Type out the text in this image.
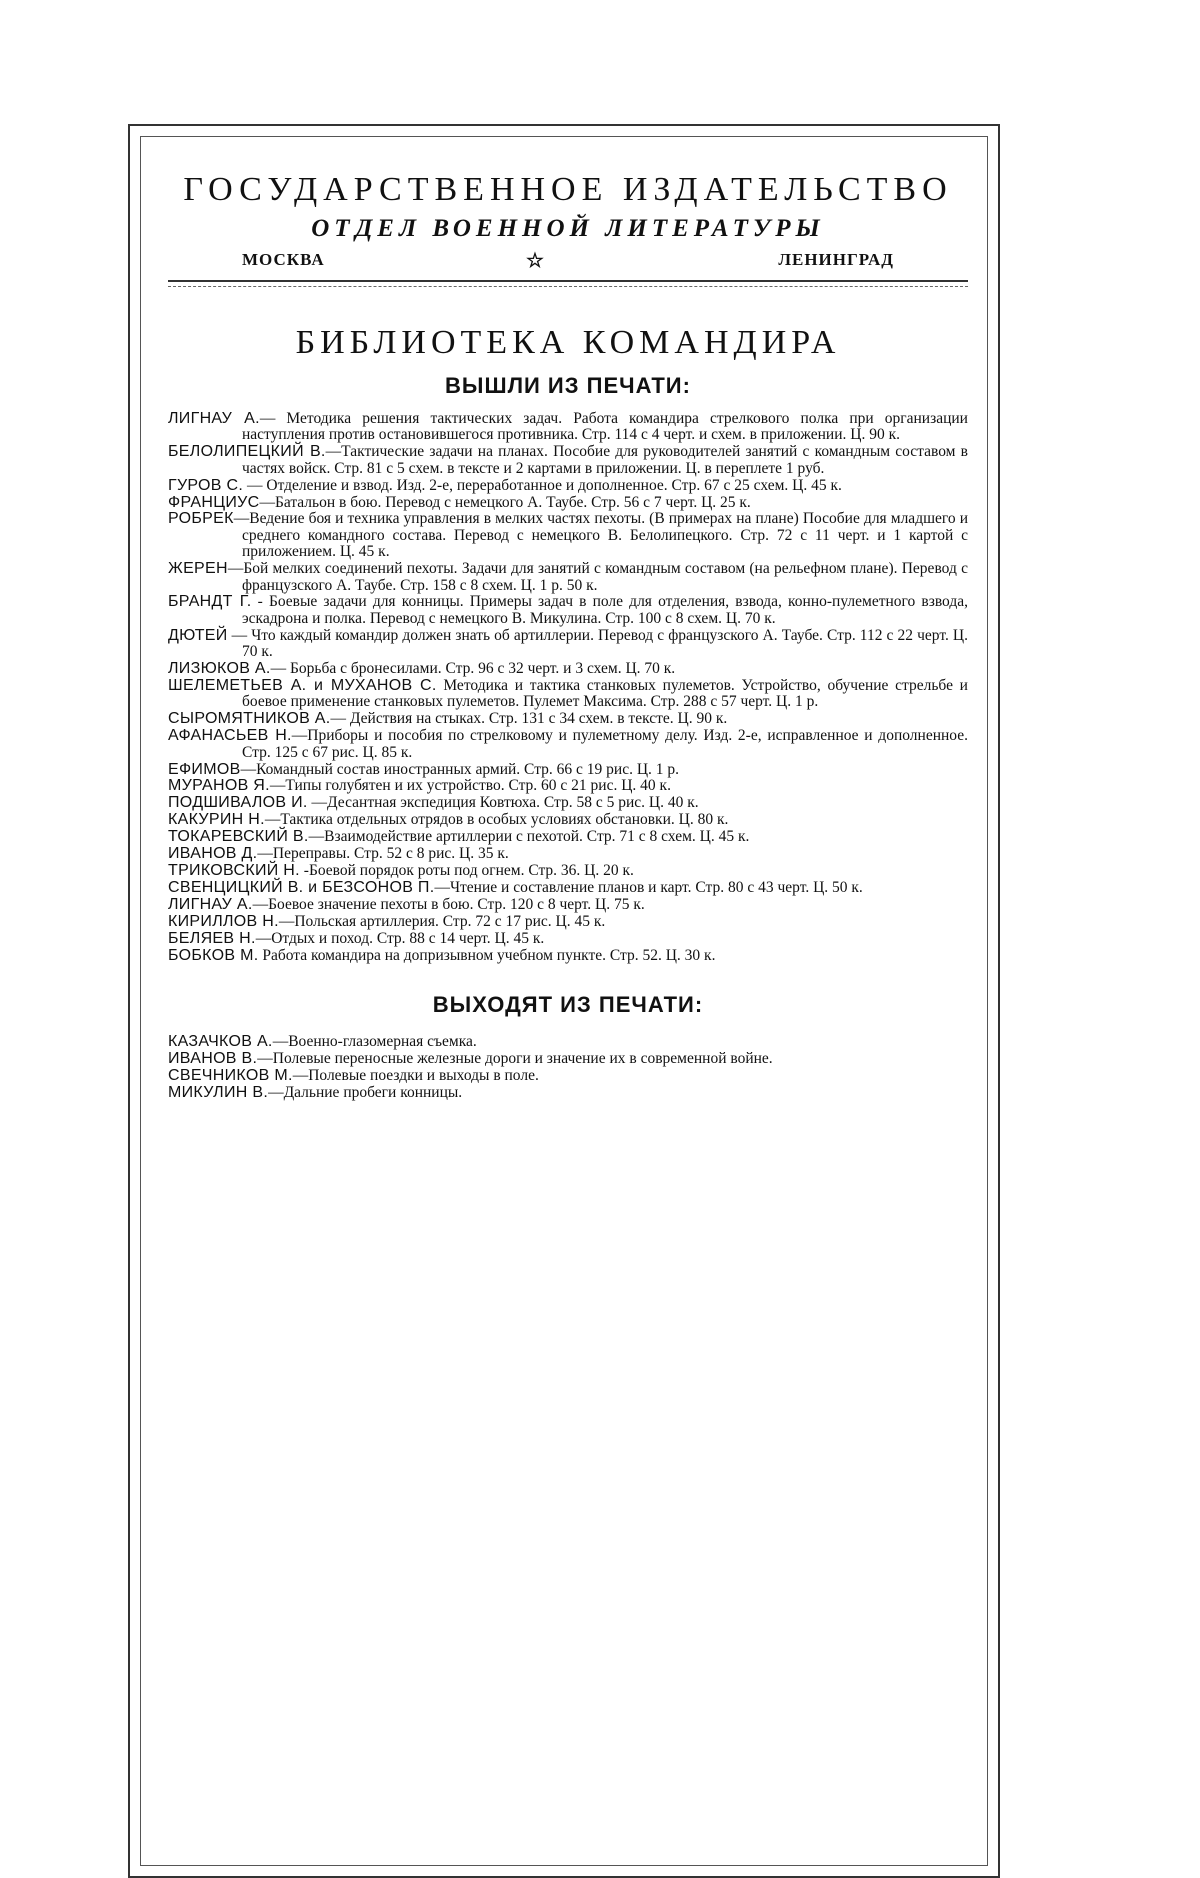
ГОСУДАРСТВЕННОЕ ИЗДАТЕЛЬСТВО
ОТДЕЛ ВОЕННОЙ ЛИТЕРАТУРЫ
МОСКВА	☆	ЛЕНИНГРАД
БИБЛИОТЕКА КОМАНДИРА
ВЫШЛИ ИЗ ПЕЧАТИ:
ЛИГНАУ А.— Методика решения тактических задач. Работа командира стрелкового полка при организации наступления против остановившегося противника. Стр. 114 с 4 черт. и схем. в приложении. Ц. 90 к.
БЕЛОЛИПЕЦКИЙ В.—Тактические задачи на планах. Пособие для руководителей занятий с командным составом в частях войск. Стр. 81 с 5 схем. в тексте и 2 картами в приложении. Ц. в переплете 1 руб.
ГУРОВ С. — Отделение и взвод. Изд. 2-е, переработанное и дополненное. Стр. 67 с 25 схем. Ц. 45 к.
ФРАНЦИУС—Батальон в бою. Перевод с немецкого А. Таубе. Стр. 56 с 7 черт. Ц. 25 к.
РОБРЕК—Ведение боя и техника управления в мелких частях пехоты. (В примерах на плане) Пособие для младшего и среднего командного состава. Перевод с немецкого В. Белолипецкого. Стр. 72 с 11 черт. и 1 картой с приложением. Ц. 45 к.
ЖЕРЕН—Бой мелких соединений пехоты. Задачи для занятий с командным составом (на рельефном плане). Перевод с французского А. Таубе. Стр. 158 с 8 схем. Ц. 1 р. 50 к.
БРАНДТ Г. - Боевые задачи для конницы. Примеры задач в поле для отделения, взвода, конно-пулеметного взвода, эскадрона и полка. Перевод с немецкого В. Микулина. Стр. 100 с 8 схем. Ц. 70 к.
ДЮТЕЙ — Что каждый командир должен знать об артиллерии. Перевод с французского А. Таубе. Стр. 112 с 22 черт. Ц. 70 к.
ЛИЗЮКОВ А.— Борьба с бронесилами. Стр. 96 с 32 черт. и 3 схем. Ц. 70 к.
ШЕЛЕМЕТЬЕВ А. и МУХАНОВ С. Методика и тактика станковых пулеметов. Устройство, обучение стрельбе и боевое применение станковых пулеметов. Пулемет Максима. Стр. 288 с 57 черт. Ц. 1 р.
СЫРОМЯТНИКОВ А.— Действия на стыках. Стр. 131 с 34 схем. в тексте. Ц. 90 к.
АФАНАСЬЕВ Н.—Приборы и пособия по стрелковому и пулеметному делу. Изд. 2-е, исправленное и дополненное. Стр. 125 с 67 рис. Ц. 85 к.
ЕФИМОВ—Командный состав иностранных армий. Стр. 66 с 19 рис. Ц. 1 р.
МУРАНОВ Я.—Типы голубятен и их устройство. Стр. 60 с 21 рис. Ц. 40 к.
ПОДШИВАЛОВ И. —Десантная экспедиция Ковтюха. Стр. 58 с 5 рис. Ц. 40 к.
КАКУРИН Н.—Тактика отдельных отрядов в особых условиях обстановки. Ц. 80 к.
ТОКАРЕВСКИЙ В.—Взаимодействие артиллерии с пехотой. Стр. 71 с 8 схем. Ц. 45 к.
ИВАНОВ Д.—Переправы. Стр. 52 с 8 рис. Ц. 35 к.
ТРИКОВСКИЙ Н. -Боевой порядок роты под огнем. Стр. 36. Ц. 20 к.
СВЕНЦИЦКИЙ В. и БЕЗСОНОВ П.—Чтение и составление планов и карт. Стр. 80 с 43 черт. Ц. 50 к.
ЛИГНАУ А.—Боевое значение пехоты в бою. Стр. 120 с 8 черт. Ц. 75 к.
КИРИЛЛОВ Н.—Польская артиллерия. Стр. 72 с 17 рис. Ц. 45 к.
БЕЛЯЕВ Н.—Отдых и поход. Стр. 88 с 14 черт. Ц. 45 к.
БОБКОВ М. Работа командира на допризывном учебном пункте. Стр. 52. Ц. 30 к.
ВЫХОДЯТ ИЗ ПЕЧАТИ:
КАЗАЧКОВ А.—Военно-глазомерная съемка.
ИВАНОВ В.—Полевые переносные железные дороги и значение их в современной войне.
СВЕЧНИКОВ М.—Полевые поездки и выходы в поле.
МИКУЛИН В.—Дальние пробеги конницы.
